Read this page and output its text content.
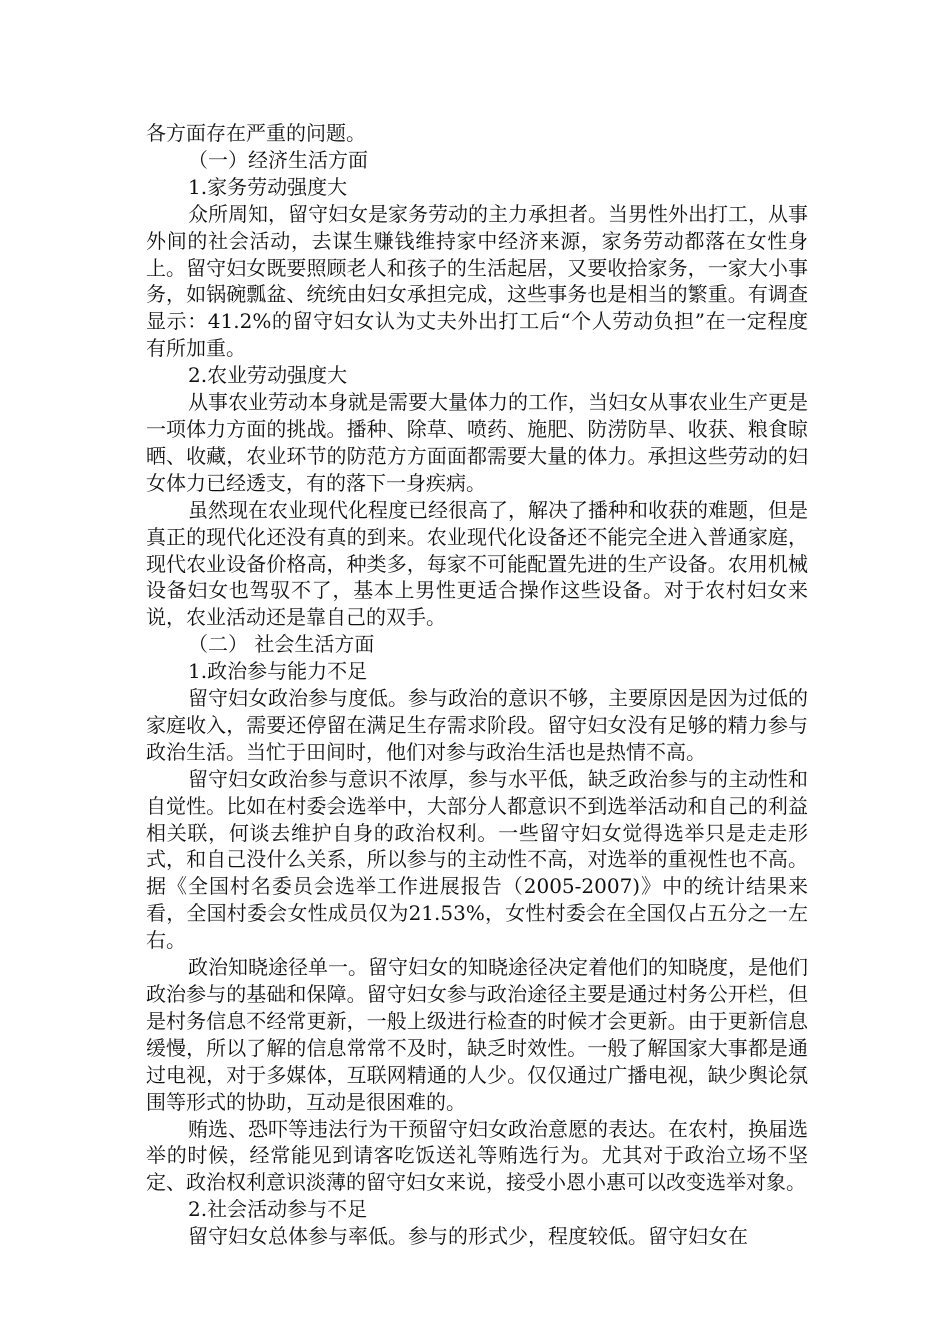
各方面存在严重的问题。

（一）经济生活方面

1.家务劳动强度大

众所周知，留守妇女是家务劳动的主力承担者。当男性外出打工，从事外间的社会活动，去谋生赚钱维持家中经济来源，家务劳动都落在女性身上。留守妇女既要照顾老人和孩子的生活起居，又要收拾家务，一家大小事务，如锅碗瓢盆、统统由妇女承担完成，这些事务也是相当的繁重。有调查显示：41.2%的留守妇女认为丈夫外出打工后“个人劳动负担”在一定程度有所加重。

2.农业劳动强度大

从事农业劳动本身就是需要大量体力的工作，当妇女从事农业生产更是一项体力方面的挑战。播种、除草、喷药、施肥、防涝防旱、收获、粮食晾晒、收藏，农业环节的防范方方面面都需要大量的体力。承担这些劳动的妇女体力已经透支，有的落下一身疾病。

虽然现在农业现代化程度已经很高了，解决了播种和收获的难题，但是真正的现代化还没有真的到来。农业现代化设备还不能完全进入普通家庭，现代农业设备价格高，种类多，每家不可能配置先进的生产设备。农用机械设备妇女也驾驭不了，基本上男性更适合操作这些设备。对于农村妇女来说，农业活动还是靠自己的双手。

（二） 社会生活方面

1.政治参与能力不足

留守妇女政治参与度低。参与政治的意识不够，主要原因是因为过低的家庭收入，需要还停留在满足生存需求阶段。留守妇女没有足够的精力参与政治生活。当忙于田间时，他们对参与政治生活也是热情不高。

留守妇女政治参与意识不浓厚，参与水平低，缺乏政治参与的主动性和自觉性。比如在村委会选举中，大部分人都意识不到选举活动和自己的利益相关联，何谈去维护自身的政治权利。一些留守妇女觉得选举只是走走形式，和自己没什么关系，所以参与的主动性不高，对选举的重视性也不高。据《全国村名委员会选举工作进展报告（2005-2007)》中的统计结果来看，全国村委会女性成员仅为21.53%，女性村委会在全国仅占五分之一左右。

政治知晓途径单一。留守妇女的知晓途径决定着他们的知晓度，是他们政治参与的基础和保障。留守妇女参与政治途径主要是通过村务公开栏，但是村务信息不经常更新，一般上级进行检查的时候才会更新。由于更新信息缓慢，所以了解的信息常常不及时，缺乏时效性。一般了解国家大事都是通过电视，对于多媒体，互联网精通的人少。仅仅通过广播电视，缺少舆论氛围等形式的协助，互动是很困难的。

贿选、恐吓等违法行为干预留守妇女政治意愿的表达。在农村，换届选举的时候，经常能见到请客吃饭送礼等贿选行为。尤其对于政治立场不坚定、政治权利意识淡薄的留守妇女来说，接受小恩小惠可以改变选举对象。

2.社会活动参与不足

留守妇女总体参与率低。参与的形式少，程度较低。留守妇女在
